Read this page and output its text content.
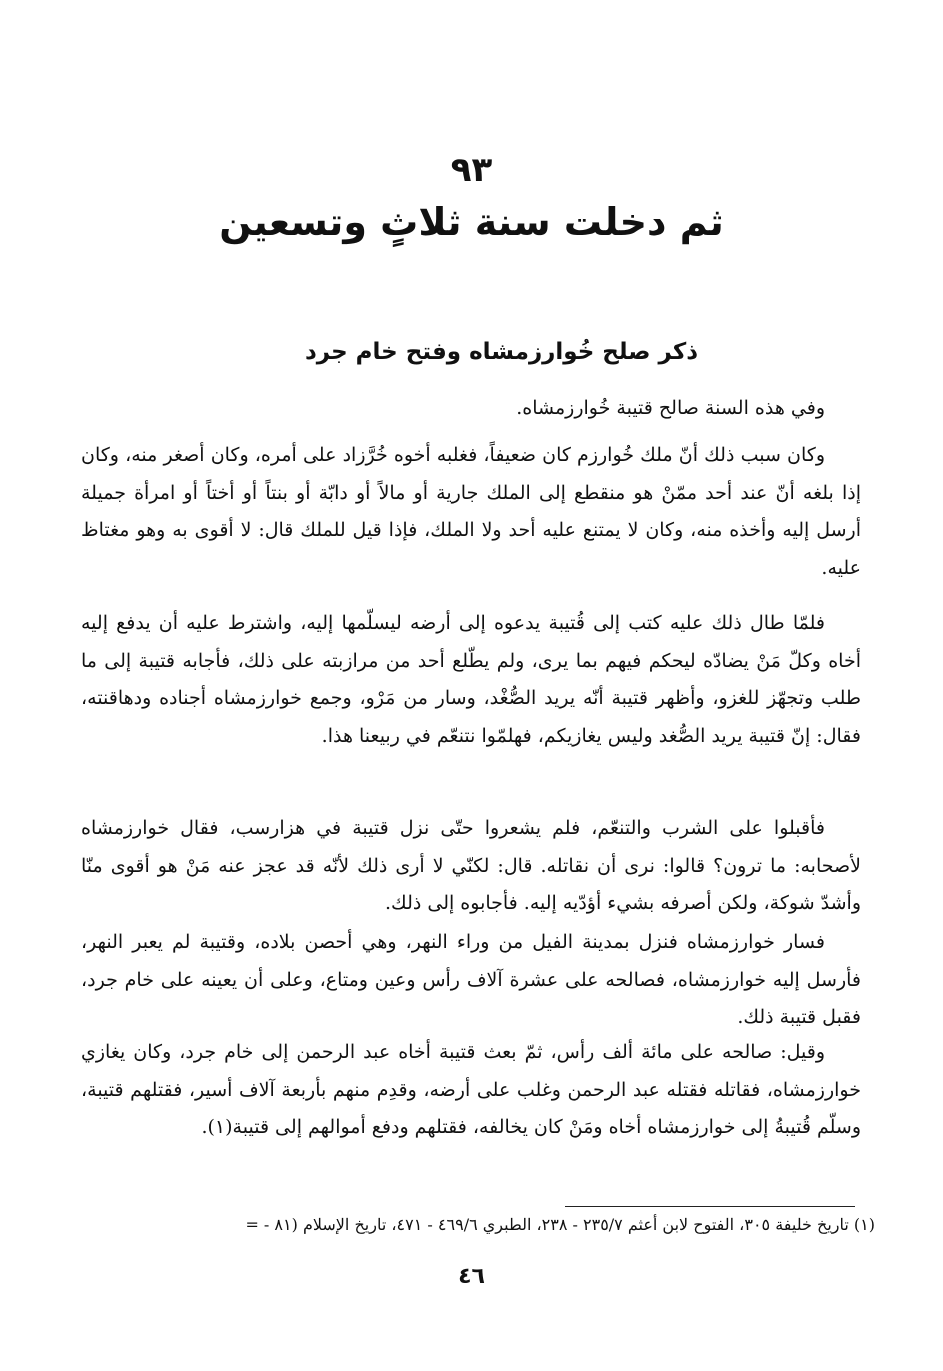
٩٣
ثم دخلت سنة ثلاثٍ وتسعين
ذكر صلح خُوارزمشاه وفتح خام جرد

وفي هذه السنة صالح قتيبة خُوارزمشاه.

وكان سبب ذلك أنّ ملك خُوارزم كان ضعيفاً، فغلبه أخوه خُرَّزاد على أمره، وكان أصغر منه، وكان إذا بلغه أنّ عند أحد ممّنْ هو منقطع إلى الملك جارية أو مالاً أو دابّة أو بنتاً أو أختاً أو امرأة جميلة أرسل إليه وأخذه منه، وكان لا يمتنع عليه أحد ولا الملك، فإذا قيل للملك قال: لا أقوى به وهو مغتاظ عليه.

فلمّا طال ذلك عليه كتب إلى قُتيبة يدعوه إلى أرضه ليسلّمها إليه، واشترط عليه أن يدفع إليه أخاه وكلّ مَنْ يضادّه ليحكم فيهم بما يرى، ولم يطّلع أحد من مرازبته على ذلك، فأجابه قتيبة إلى ما طلب وتجهّز للغزو، وأظهر قتيبة أنّه يريد الصُّغْد، وسار من مَرْو، وجمع خوارزمشاه أجناده ودهاقنته، فقال: إنّ قتيبة يريد الصُّغد وليس يغازيكم، فهلمّوا نتنعّم في ربيعنا هذا.

فأقبلوا على الشرب والتنعّم، فلم يشعروا حتّى نزل قتيبة في هزارسب، فقال خوارزمشاه لأصحابه: ما ترون؟ قالوا: نرى أن نقاتله. قال: لكنّي لا أرى ذلك لأنّه قد عجز عنه مَنْ هو أقوى منّا وأشدّ شوكة، ولكن أصرفه بشيء أؤدّيه إليه. فأجابوه إلى ذلك.

فسار خوارزمشاه فنزل بمدينة الفيل من وراء النهر، وهي أحصن بلاده، وقتيبة لم يعبر النهر، فأرسل إليه خوارزمشاه، فصالحه على عشرة آلاف رأس وعين ومتاع، وعلى أن يعينه على خام جرد، فقبل قتيبة ذلك.

وقيل: صالحه على مائة ألف رأس، ثمّ بعث قتيبة أخاه عبد الرحمن إلى خام جرد، وكان يغازي خوارزمشاه، فقاتله فقتله عبد الرحمن وغلب على أرضه، وقدِم منهم بأربعة آلاف أسير، فقتلهم قتيبة، وسلّم قُتيبةُ إلى خوارزمشاه أخاه ومَنْ كان يخالفه، فقتلهم ودفع أموالهم إلى قتيبة(١).

(١) تاريخ خليفة ٣٠٥، الفتوح لابن أعثم ٢٣٥/٧ - ٢٣٨، الطبري ٤٦٩/٦ - ٤٧١، تاريخ الإسلام (٨١ - =
٤٦
